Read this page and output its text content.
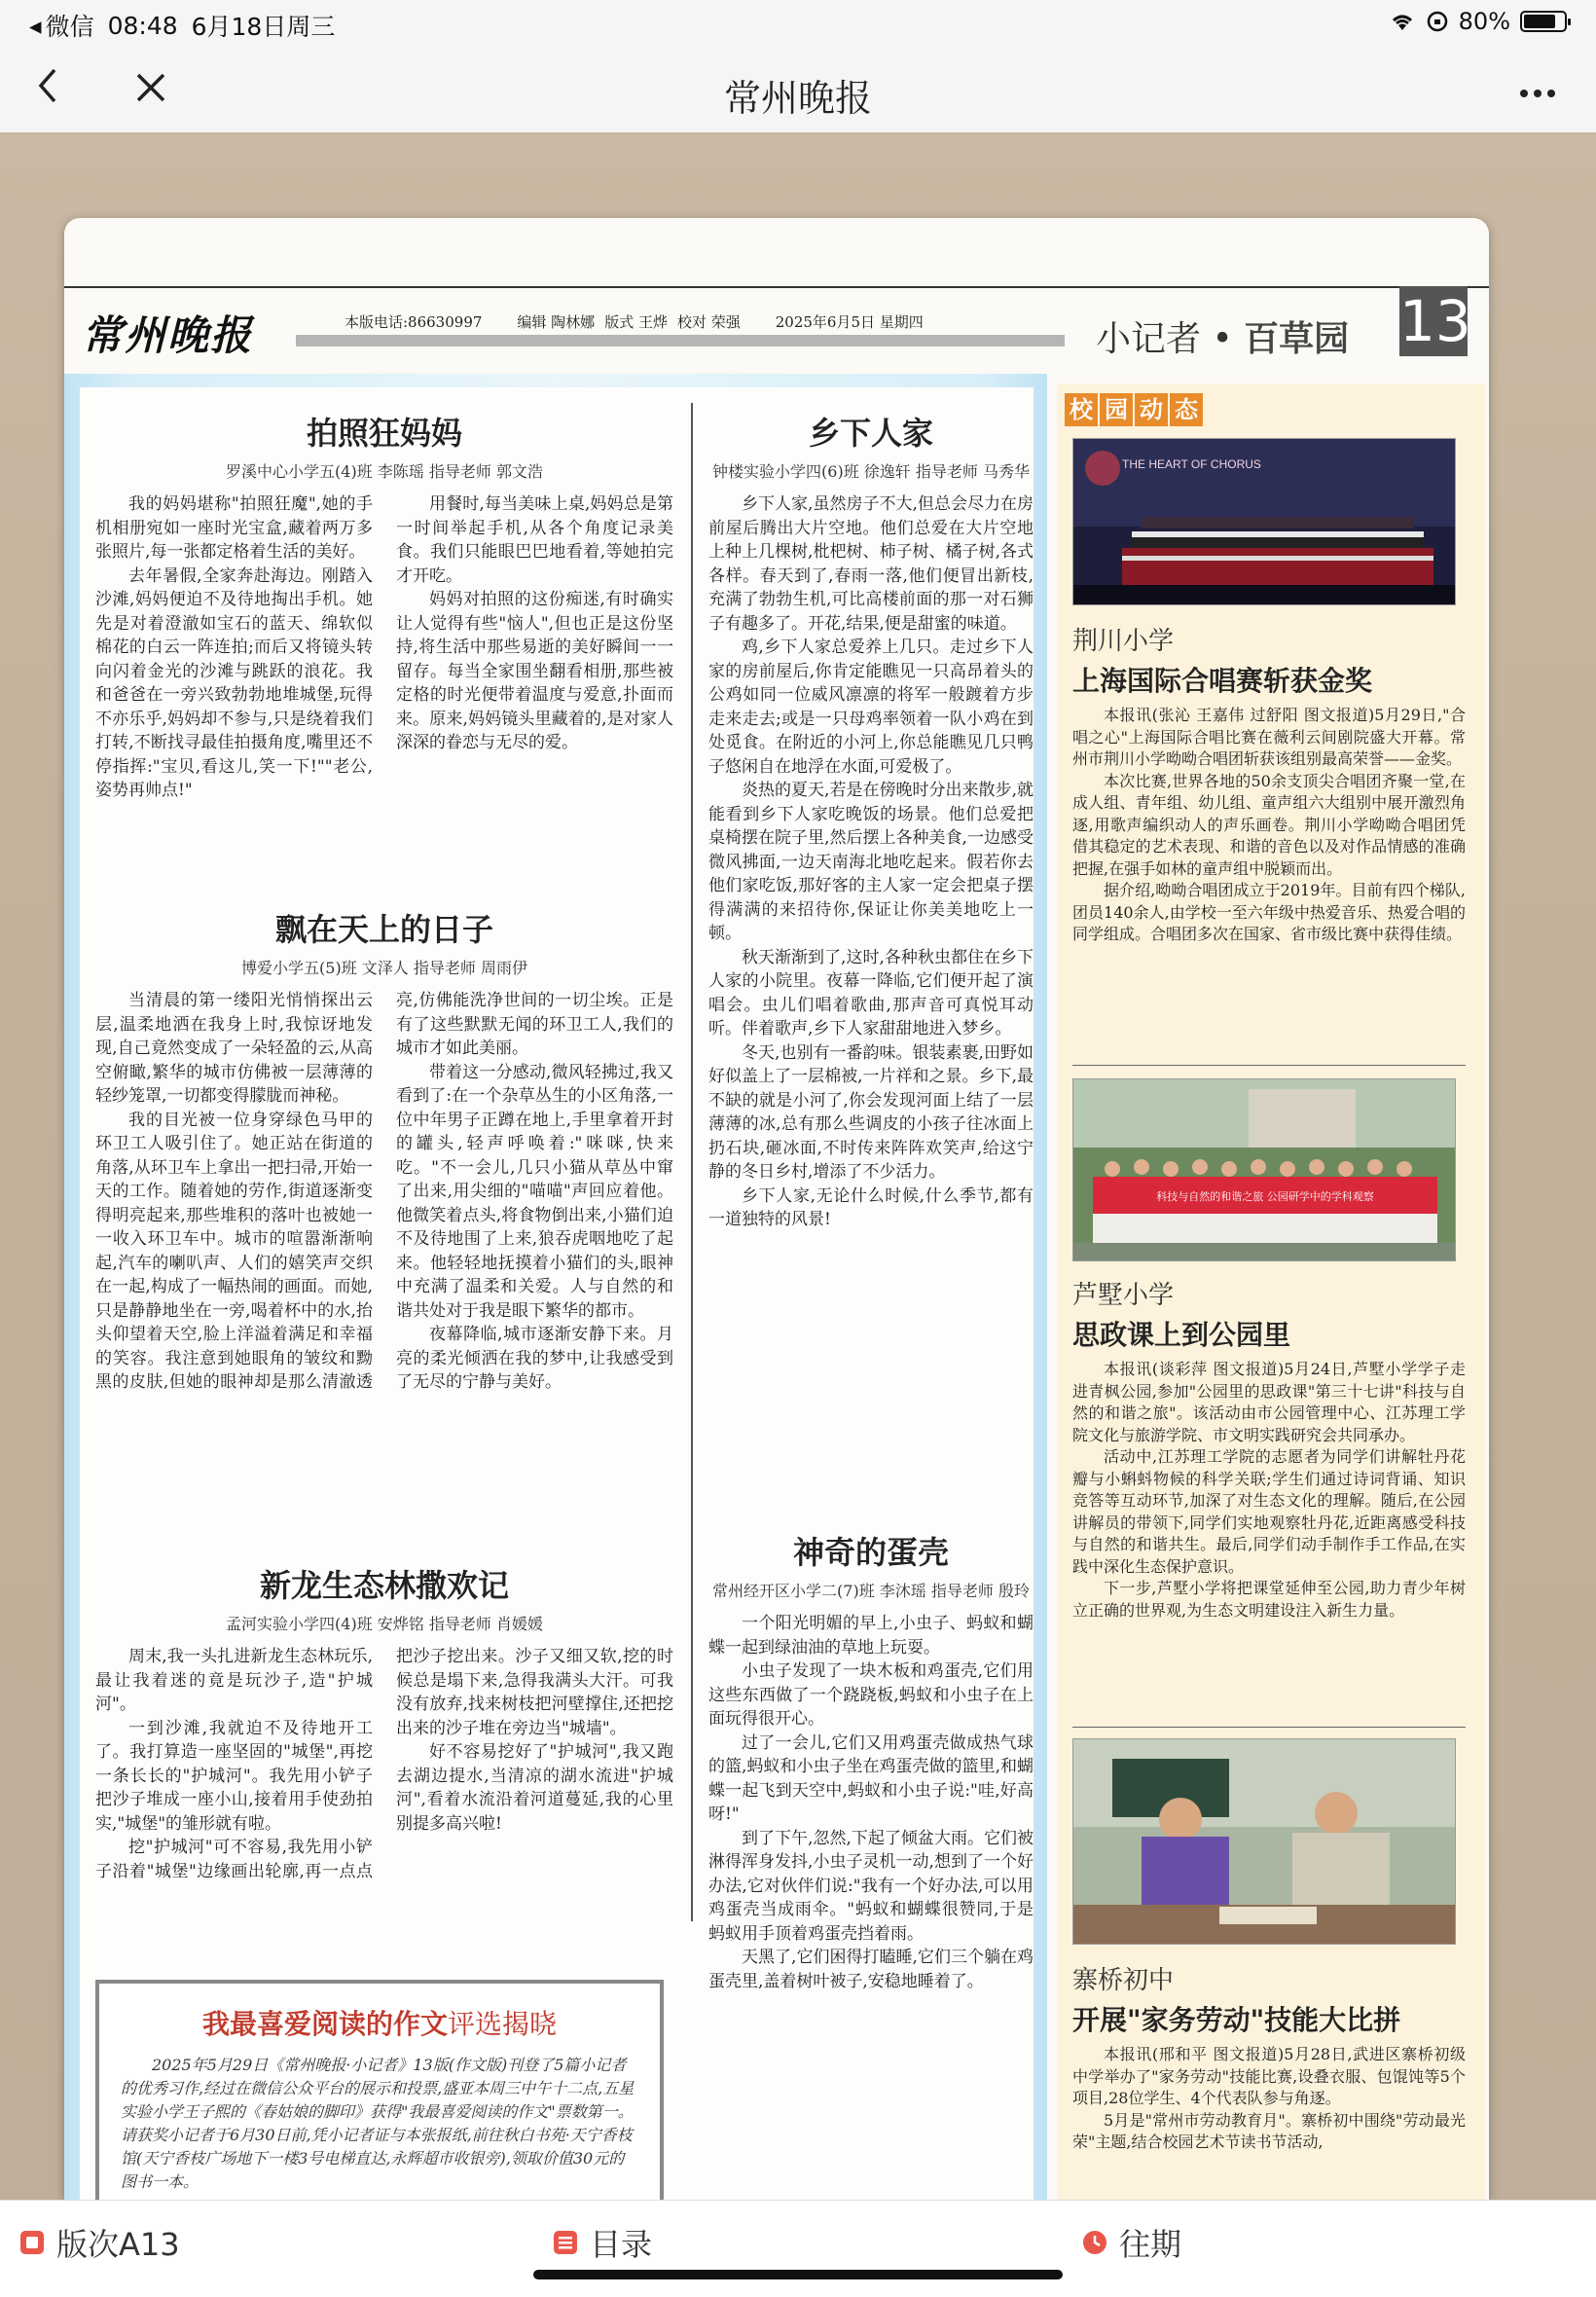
◂ 微信 08:48 6月18日周三	80%
常州晚报
常州晚报	本版电话:86630997 编辑 陶林娜 版式 王烨 校对 荣强 2025年6月5日 星期四	小记者 • 百草园 13
拍照狂妈妈
罗溪中心小学五(4)班 李陈瑶 指导老师 郭文浩

我的妈妈堪称"拍照狂魔",她的手机相册宛如一座时光宝盒,藏着两万多张照片,每一张都定格着生活的美好。

去年暑假,全家奔赴海边。刚踏入沙滩,妈妈便迫不及待地掏出手机。她先是对着澄澈如宝石的蓝天、绵软似棉花的白云一阵连拍;而后又将镜头转向闪着金光的沙滩与跳跃的浪花。我和爸爸在一旁兴致勃勃地堆城堡,玩得不亦乐乎,妈妈却不参与,只是绕着我们打转,不断找寻最佳拍摄角度,嘴里还不停指挥:"宝贝,看这儿,笑一下!""老公,姿势再帅点!"

用餐时,每当美味上桌,妈妈总是第一时间举起手机,从各个角度记录美食。我们只能眼巴巴地看着,等她拍完才开吃。

妈妈对拍照的这份痴迷,有时确实让人觉得有些"恼人",但也正是这份坚持,将生活中那些易逝的美好瞬间一一留存。每当全家围坐翻看相册,那些被定格的时光便带着温度与爱意,扑面而来。原来,妈妈镜头里藏着的,是对家人深深的眷恋与无尽的爱。

飘在天上的日子
博爱小学五(5)班 文泽人 指导老师 周雨伊

当清晨的第一缕阳光悄悄探出云层,温柔地洒在我身上时,我惊讶地发现,自己竟然变成了一朵轻盈的云,从高空俯瞰,繁华的城市仿佛被一层薄薄的轻纱笼罩,一切都变得朦胧而神秘。

我的目光被一位身穿绿色马甲的环卫工人吸引住了。她正站在街道的角落,从环卫车上拿出一把扫帚,开始一天的工作。随着她的劳作,街道逐渐变得明亮起来,那些堆积的落叶也被她一一收入环卫车中。城市的喧嚣渐渐响起,汽车的喇叭声、人们的嬉笑声交织在一起,构成了一幅热闹的画面。而她,只是静静地坐在一旁,喝着杯中的水,抬头仰望着天空,脸上洋溢着满足和幸福的笑容。我注意到她眼角的皱纹和黝黑的皮肤,但她的眼神却是那么清澈透亮,仿佛能洗净世间的一切尘埃。正是有了这些默默无闻的环卫工人,我们的城市才如此美丽。

带着这一分感动,微风轻拂过,我又看到了:在一个杂草丛生的小区角落,一位中年男子正蹲在地上,手里拿着开封的罐头,轻声呼唤着:"咪咪,快来吃。"不一会儿,几只小猫从草丛中窜了出来,用尖细的"喵喵"声回应着他。他微笑着点头,将食物倒出来,小猫们迫不及待地围了上来,狼吞虎咽地吃了起来。他轻轻地抚摸着小猫们的头,眼神中充满了温柔和关爱。人与自然的和谐共处对于我是眼下繁华的都市。

夜幕降临,城市逐渐安静下来。月亮的柔光倾洒在我的梦中,让我感受到了无尽的宁静与美好。

新龙生态林撒欢记
孟河实验小学四(4)班 安烨铭 指导老师 肖媛媛

周末,我一头扎进新龙生态林玩乐,最让我着迷的竟是玩沙子,造"护城河"。

一到沙滩,我就迫不及待地开工了。我打算造一座坚固的"城堡",再挖一条长长的"护城河"。我先用小铲子把沙子堆成一座小山,接着用手使劲拍实,"城堡"的雏形就有啦。

挖"护城河"可不容易,我先用小铲子沿着"城堡"边缘画出轮廓,再一点点把沙子挖出来。沙子又细又软,挖的时候总是塌下来,急得我满头大汗。可我没有放弃,找来树枝把河壁撑住,还把挖出来的沙子堆在旁边当"城墙"。

好不容易挖好了"护城河",我又跑去湖边提水,当清凉的湖水流进"护城河",看着水流沿着河道蔓延,我的心里别提多高兴啦!

我最喜爱阅读的作文评选揭晓
2025年5月29日《常州晚报·小记者》13版(作文版)刊登了5篇小记者的优秀习作,经过在微信公众平台的展示和投票,盛亚本周三中午十二点,五星实验小学王子熙的《春姑娘的脚印》获得"我最喜爱阅读的作文"票数第一。请获奖小记者于6月30日前,凭小记者证与本张报纸,前往秋白书苑·天宁香枝馆(天宁香枝广场地下一楼3号电梯直达,永辉超市收银旁),领取价值30元的图书一本。
乡下人家
钟楼实验小学四(6)班 徐逸轩 指导老师 马秀华

乡下人家,虽然房子不大,但总会尽力在房前屋后腾出大片空地。他们总爱在大片空地上种上几棵树,枇杷树、柿子树、橘子树,各式各样。春天到了,春雨一落,他们便冒出新枝,充满了勃勃生机,可比高楼前面的那一对石狮子有趣多了。开花,结果,便是甜蜜的味道。

鸡,乡下人家总爱养上几只。走过乡下人家的房前屋后,你肯定能瞧见一只高昂着头的公鸡如同一位威风凛凛的将军一般踱着方步走来走去;或是一只母鸡率领着一队小鸡在到处觅食。在附近的小河上,你总能瞧见几只鸭子悠闲自在地浮在水面,可爱极了。

炎热的夏天,若是在傍晚时分出来散步,就能看到乡下人家吃晚饭的场景。他们总爱把桌椅摆在院子里,然后摆上各种美食,一边感受微风拂面,一边天南海北地吃起来。假若你去他们家吃饭,那好客的主人家一定会把桌子摆得满满的来招待你,保证让你美美地吃上一顿。

秋天渐渐到了,这时,各种秋虫都住在乡下人家的小院里。夜幕一降临,它们便开起了演唱会。虫儿们唱着歌曲,那声音可真悦耳动听。伴着歌声,乡下人家甜甜地进入梦乡。

冬天,也别有一番韵味。银装素裹,田野如好似盖上了一层棉被,一片祥和之景。乡下,最不缺的就是小河了,你会发现河面上结了一层薄薄的冰,总有那么些调皮的小孩子往冰面上扔石块,砸冰面,不时传来阵阵欢笑声,给这宁静的冬日乡村,增添了不少活力。

乡下人家,无论什么时候,什么季节,都有一道独特的风景!

神奇的蛋壳
常州经开区小学二(7)班 李沐瑶 指导老师 殷玲

一个阳光明媚的早上,小虫子、蚂蚁和蝴蝶一起到绿油油的草地上玩耍。

小虫子发现了一块木板和鸡蛋壳,它们用这些东西做了一个跷跷板,蚂蚁和小虫子在上面玩得很开心。

过了一会儿,它们又用鸡蛋壳做成热气球的篮,蚂蚁和小虫子坐在鸡蛋壳做的篮里,和蝴蝶一起飞到天空中,蚂蚁和小虫子说:"哇,好高呀!"

到了下午,忽然,下起了倾盆大雨。它们被淋得浑身发抖,小虫子灵机一动,想到了一个好办法,它对伙伴们说:"我有一个好办法,可以用鸡蛋壳当成雨伞。"蚂蚁和蝴蝶很赞同,于是蚂蚁用手顶着鸡蛋壳挡着雨。

天黑了,它们困得打瞌睡,它们三个躺在鸡蛋壳里,盖着树叶被子,安稳地睡着了。

校 园 动 态
THE HEART OF CHORUS
荆川小学
上海国际合唱赛斩获金奖

本报讯(张沁 王嘉伟 过舒阳 图文报道)5月29日,"合唱之心"上海国际合唱比赛在薇利云间剧院盛大开幕。常州市荆川小学呦呦合唱团斩获该组别最高荣誉——金奖。

本次比赛,世界各地的50余支顶尖合唱团齐聚一堂,在成人组、青年组、幼儿组、童声组六大组别中展开激烈角逐,用歌声编织动人的声乐画卷。荆川小学呦呦合唱团凭借其稳定的艺术表现、和谐的音色以及对作品情感的准确把握,在强手如林的童声组中脱颖而出。

据介绍,呦呦合唱团成立于2019年。目前有四个梯队,团员140余人,由学校一至六年级中热爱音乐、热爱合唱的同学组成。合唱团多次在国家、省市级比赛中获得佳绩。

科技与自然的和谐之旅 公园研学中的学科观察
芦墅小学
思政课上到公园里

本报讯(谈彩萍 图文报道)5月24日,芦墅小学学子走进青枫公园,参加"公园里的思政课"第三十七讲"科技与自然的和谐之旅"。该活动由市公园管理中心、江苏理工学院文化与旅游学院、市文明实践研究会共同承办。

活动中,江苏理工学院的志愿者为同学们讲解牡丹花瓣与小蝌蚪物候的科学关联;学生们通过诗词背诵、知识竞答等互动环节,加深了对生态文化的理解。随后,在公园讲解员的带领下,同学们实地观察牡丹花,近距离感受科技与自然的和谐共生。最后,同学们动手制作手工作品,在实践中深化生态保护意识。

下一步,芦墅小学将把课堂延伸至公园,助力青少年树立正确的世界观,为生态文明建设注入新生力量。

寨桥初中
开展"家务劳动"技能大比拼

本报讯(邢和平 图文报道)5月28日,武进区寨桥初级中学举办了"家务劳动"技能比赛,设叠衣服、包馄饨等5个项目,28位学生、4个代表队参与角逐。

5月是"常州市劳动教育月"。寨桥初中围绕"劳动最光荣"主题,结合校园艺术节读书节活动,

版次A13	目录	往期
